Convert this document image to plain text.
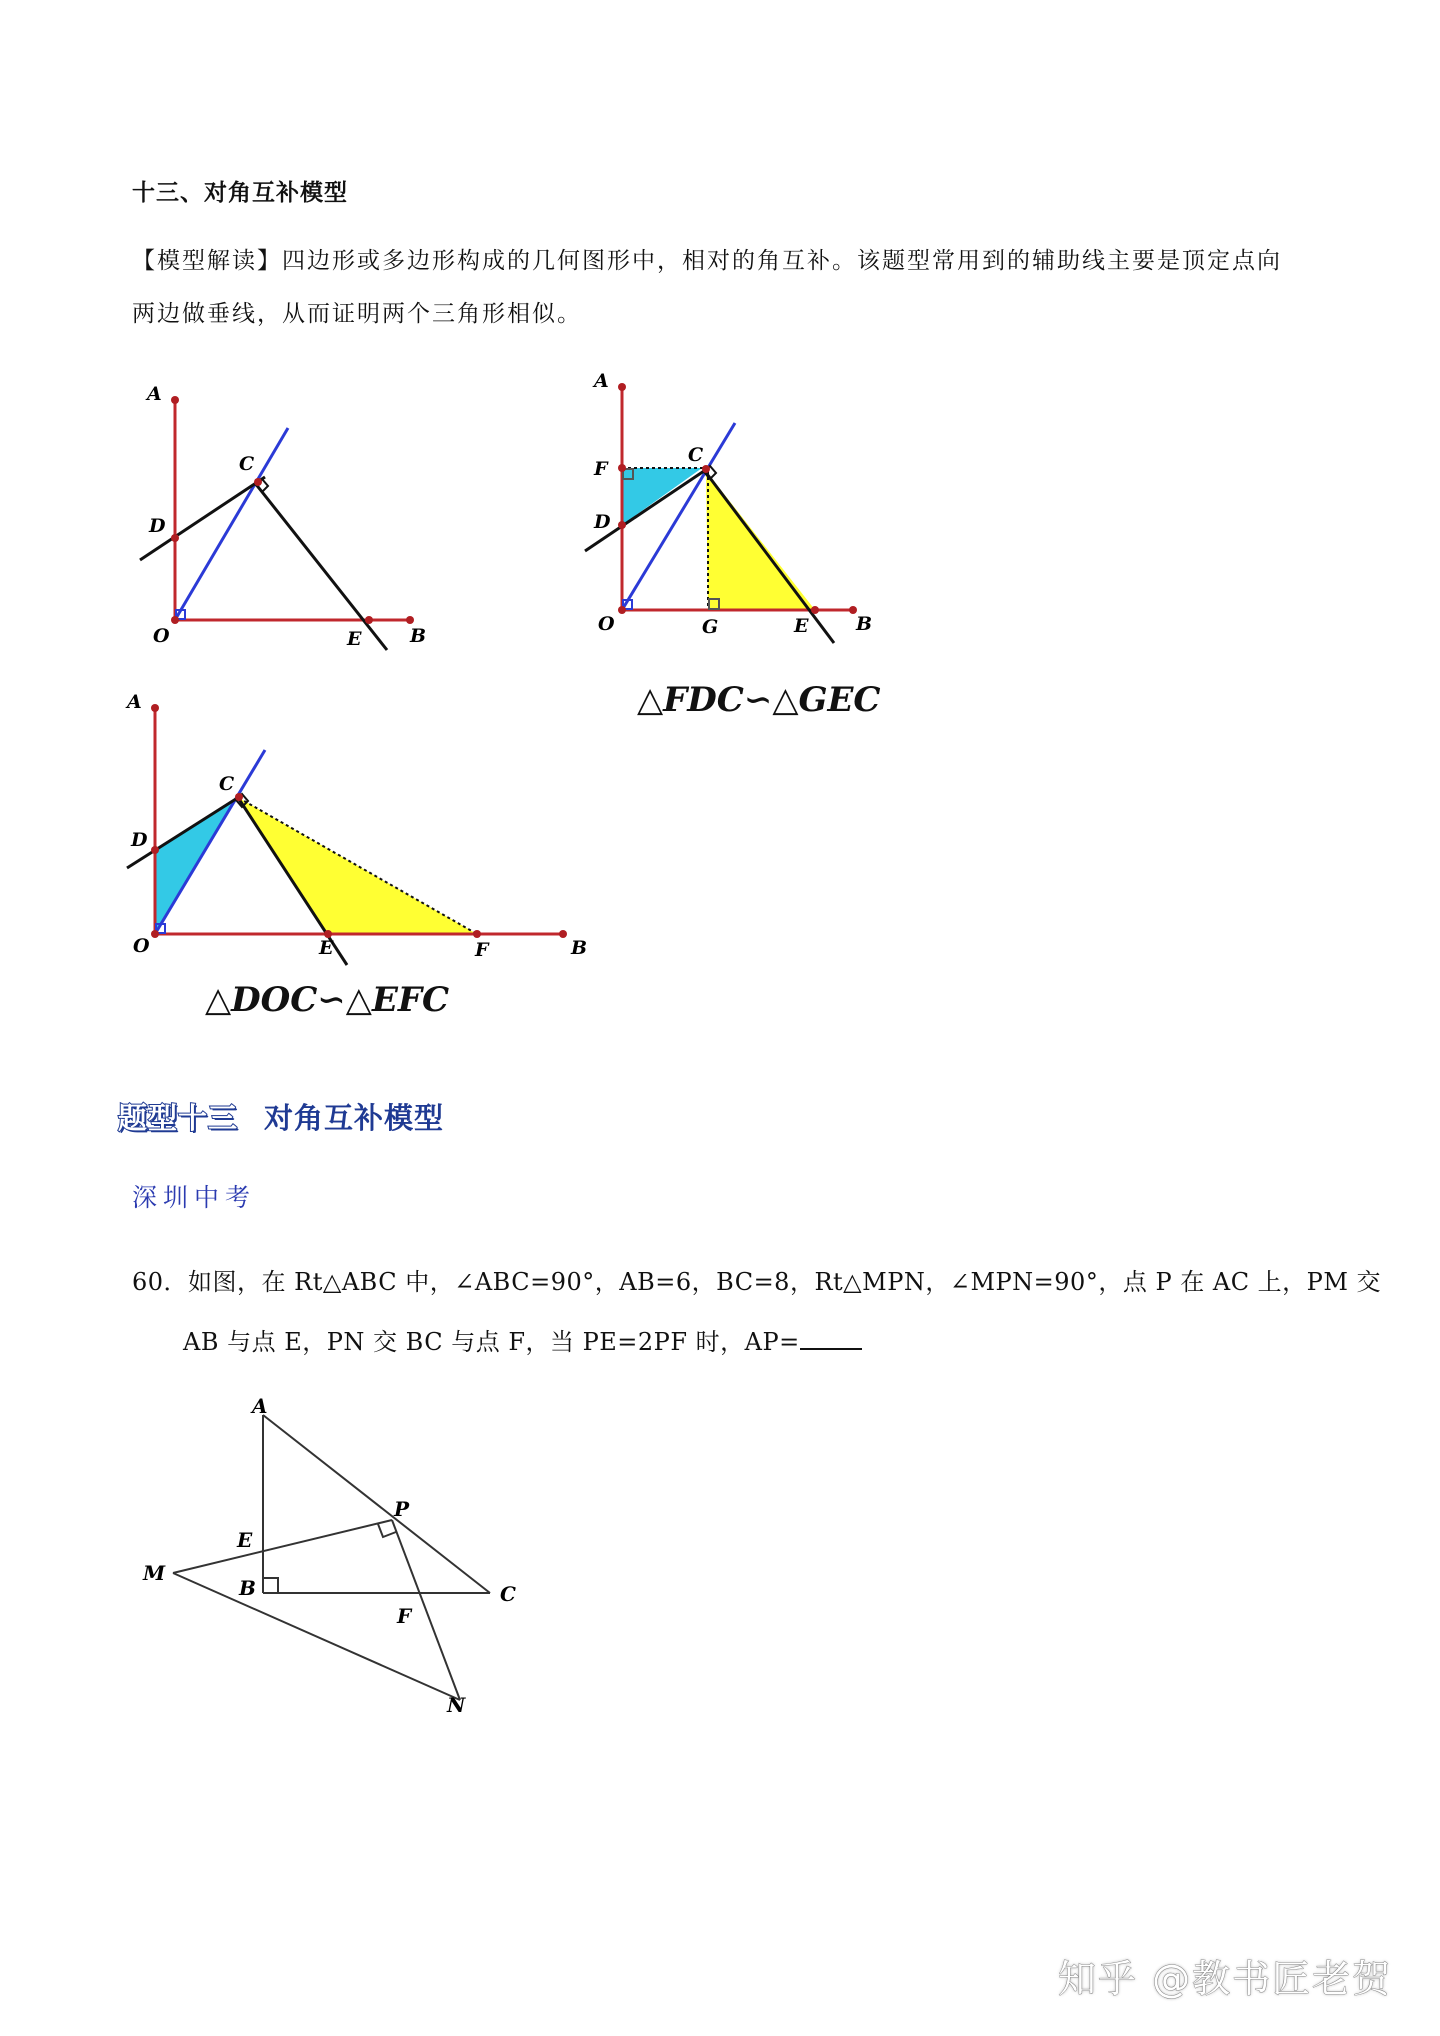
十三、对角互补模型
【模型解读】四边形或多边形构成的几何图形中，相对的角互补。该题型常用到的辅助线主要是顶定点向
两边做垂线，从而证明两个三角形相似。
A
C
D
O	E	B
A
F
C
D
O	G	E	B
△FDC∽△GEC
A
C
D
O	E	F	B
△DOC∽△EFC
题型十三 对角互补模型
深圳中考
60．如图，在 Rt△ABC 中，∠ABC=90°，AB=6，BC=8，Rt△MPN，∠MPN=90°，点 P 在 AC 上，PM 交
AB 与点 E，PN 交 BC 与点 F，当 PE=2PF 时，AP=
A
P
E
M
B	C
F
N
知乎 @教书匠老贺
